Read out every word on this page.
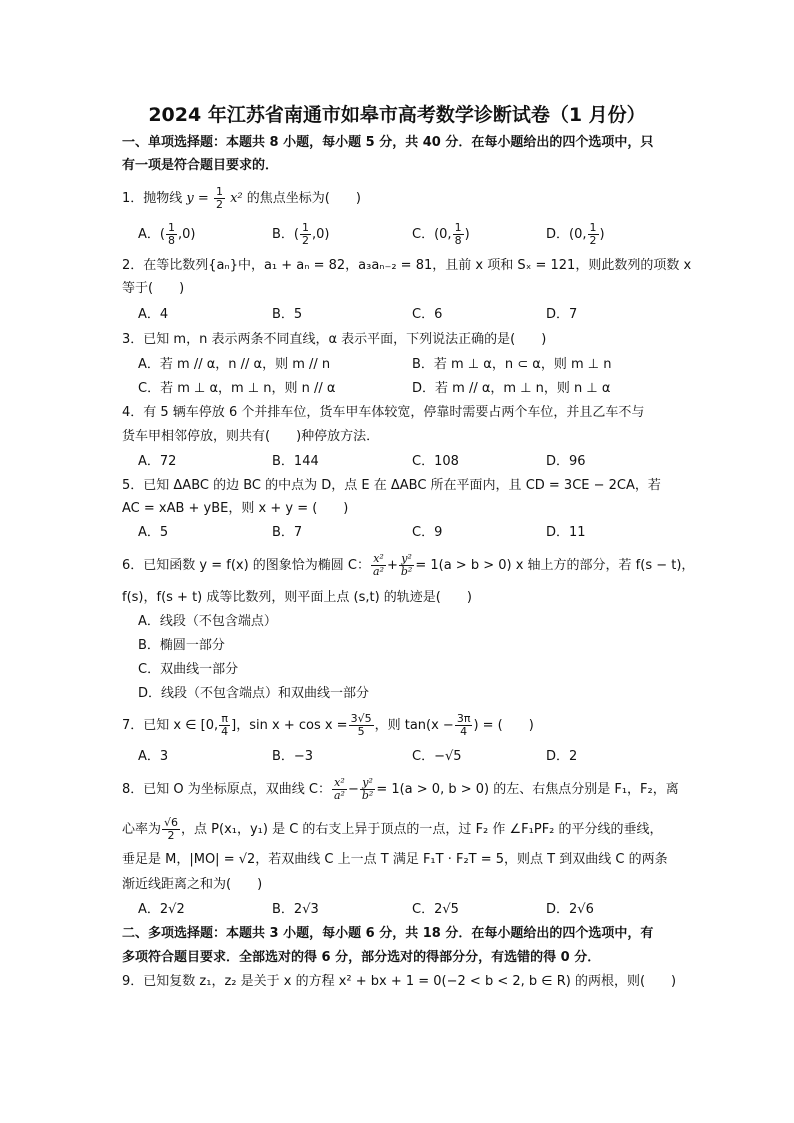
2024 年江苏省南通市如皋市高考数学诊断试卷（1 月份）
一、单项选择题：本题共 8 小题，每小题 5 分，共 40 分．在每小题给出的四个选项中，只
有一项是符合题目要求的．
1．抛物线 $y = \frac{1}{2} x^2$ 的焦点坐标为(　　)
A．( $\frac{1}{8} ,0$)	B．( $\frac{1}{2} ,0$)	C．(0, $\frac{1}{8}$ )	D．(0, $\frac{1}{2}$ )
2．在等比数列{aₙ}中，a₁ + aₙ = 82，a₃aₙ₋₂ = 81，且前 x 项和 Sₓ = 121，则此数列的项数 x
等于(　　)
A．4	B．5	C．6	D．7
3．已知 m，n 表示两条不同直线，α 表示平面，下列说法正确的是(　　)
A．若 m // α，n // α，则 m // n	B．若 m ⊥ α，n ⊂ α，则 m ⊥ n
C．若 m ⊥ α，m ⊥ n，则 n // α	D．若 m // α，m ⊥ n，则 n ⊥ α
4．有 5 辆车停放 6 个并排车位，货车甲车体较宽，停靠时需要占两个车位，并且乙车不与
货车甲相邻停放，则共有(　　)种停放方法．
A．72	B．144	C．108	D．96
5．已知 ΔABC 的边 BC 的中点为 D，点 E 在 ΔABC 所在平面内，且 CD = 3CE − 2CA，若
AC = xAB + yBE，则 x + y = (　　)
A．5	B．7	C．9	D．11
6．已知函数 y = f(x) 的图象恰为椭圆 C： $\frac{\text{x²}}{\text{a²}} + \frac{\text{y²}}{\text{b²}} = 1(a > b > 0)$ x 轴上方的部分，若 f(s − t)，
f(s)，f(s + t) 成等比数列，则平面上点 (s,t) 的轨迹是(　　)
A．线段（不包含端点）
B．椭圆一部分
C．双曲线一部分
D．线段（不包含端点）和双曲线一部分
7．已知 x ∈ [0, $\frac{\pi}{4}$ ]，$\sin x + \cos x = \frac{3√5}{5}$ ，则 $\tan(x - \frac{3\pi}{4}$ ) = (　　)
A．3	B．−3	C．−√5	D．2
8．已知 O 为坐标原点，双曲线 C： $\frac{\text{x²}}{\text{a²}} - \frac{\text{y²}}{\text{b²}} = 1(a > 0$, b > 0) 的左、右焦点分别是 F₁，F₂，离
心率为 $\frac{√6}{2}$ ，点 P(x₁，y₁) 是 C 的右支上异于顶点的一点，过 F₂ 作 ∠F₁PF₂ 的平分线的垂线，
垂足是 M，|MO| = √2，若双曲线 C 上一点 T 满足 F₁T · F₂T = 5，则点 T 到双曲线 C 的两条
渐近线距离之和为(　　)
A．2√2	B．2√3	C．2√5	D．2√6
二、多项选择题：本题共 3 小题，每小题 6 分，共 18 分．在每小题给出的四个选项中，有
多项符合题目要求．全部选对的得 6 分，部分选对的得部分分，有选错的得 0 分．
9．已知复数 z₁，z₂ 是关于 x 的方程 x² + bx + 1 = 0(−2 < b < 2, b ∈ R) 的两根，则(　　)
